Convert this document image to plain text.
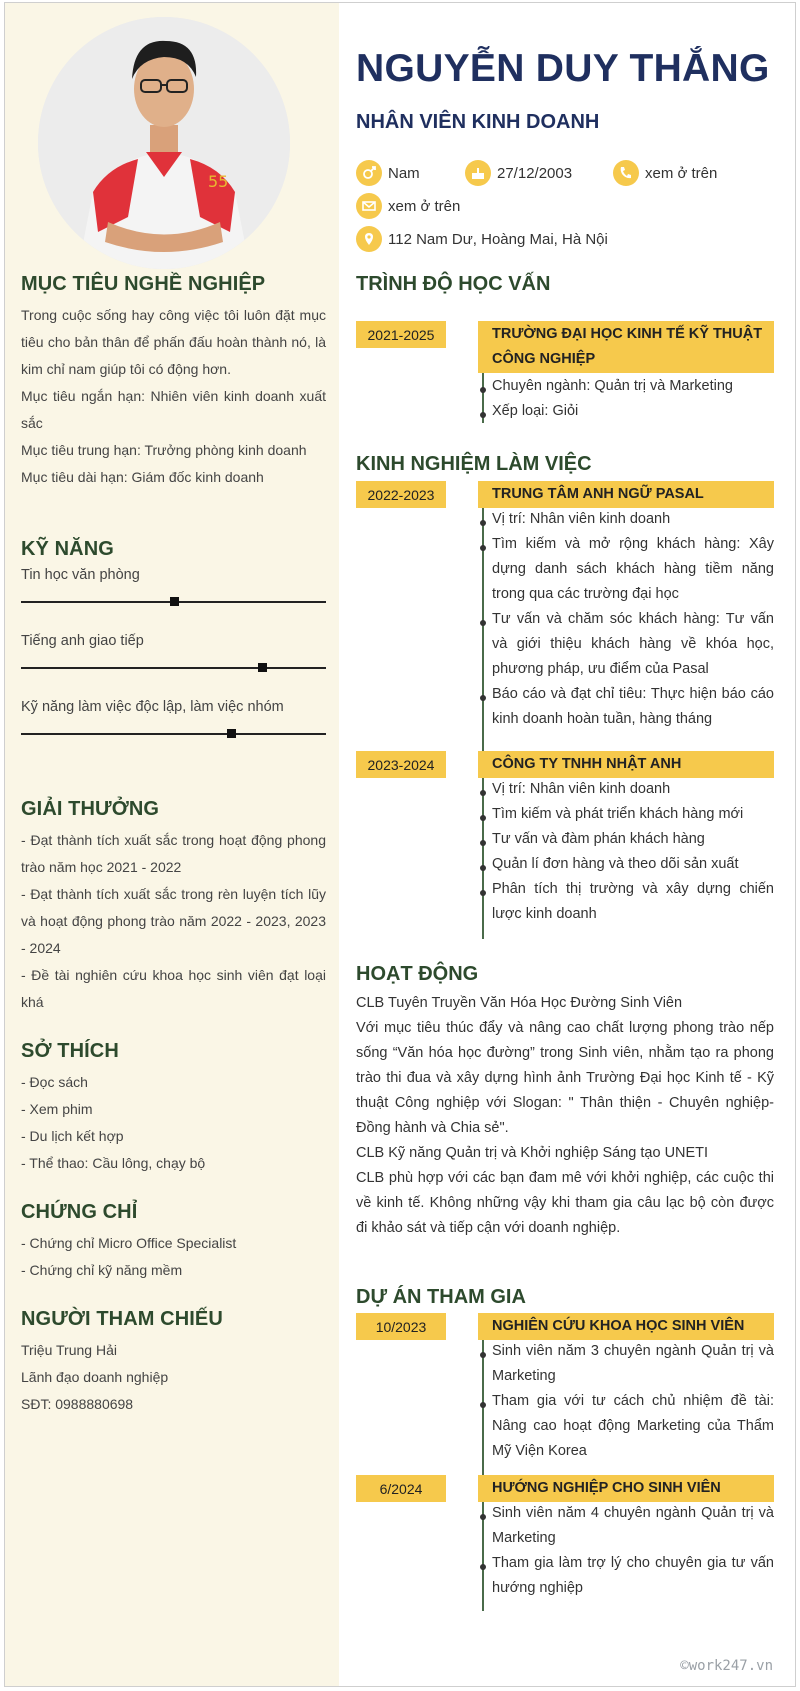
55
MỤC TIÊU NGHỀ NGHIỆP

Trong cuộc sống hay công việc tôi luôn đặt mục tiêu cho bản thân để phấn đấu hoàn thành nó, là kim chỉ nam giúp tôi có động hơn.

Mục tiêu ngắn hạn: Nhiên viên kinh doanh xuất sắc

Mục tiêu trung hạn: Trưởng phòng kinh doanh

Mục tiêu dài hạn: Giám đốc kinh doanh

KỸ NĂNG
Tin học văn phòng
Tiếng anh giao tiếp
Kỹ năng làm việc độc lập, làm việc nhóm
GIẢI THƯỞNG

- Đạt thành tích xuất sắc trong hoạt động phong trào năm học 2021 - 2022

- Đạt thành tích xuất sắc trong rèn luyện tích lũy và hoạt động phong trào năm 2022 - 2023, 2023 - 2024

- Đề tài nghiên cứu khoa học sinh viên đạt loại khá

SỞ THÍCH

- Đọc sách

- Xem phim

- Du lịch kết hợp

- Thể thao: Cầu lông, chạy bộ

CHỨNG CHỈ

- Chứng chỉ Micro Office Specialist

- Chứng chỉ kỹ năng mềm

NGƯỜI THAM CHIẾU

Triệu Trung Hải

Lãnh đạo doanh nghiệp

SĐT: 0988880698

NGUYỄN DUY THẮNG
NHÂN VIÊN KINH DOANH
Nam	27/12/2003	xem ở trên
xem ở trên
112 Nam Dư, Hoàng Mai, Hà Nội
TRÌNH ĐỘ HỌC VẤN
2021-2025	TRƯỜNG ĐẠI HỌC KINH TẾ KỸ THUẬT CÔNG NGHIỆP
Chuyên ngành: Quản trị và Marketing
Xếp loại: Giỏi
KINH NGHIỆM LÀM VIỆC
2022-2023	TRUNG TÂM ANH NGỮ PASAL
Vị trí: Nhân viên kinh doanh
Tìm kiếm và mở rộng khách hàng: Xây dựng danh sách khách hàng tiềm năng trong qua các trường đại học
Tư vấn và chăm sóc khách hàng: Tư vấn và giới thiệu khách hàng về khóa học, phương pháp, ưu điểm của Pasal
Báo cáo và đạt chỉ tiêu: Thực hiện báo cáo kinh doanh hoàn tuần, hàng tháng
2023-2024	CÔNG TY TNHH NHẬT ANH
Vị trí: Nhân viên kinh doanh
Tìm kiếm và phát triển khách hàng mới
Tư vấn và đàm phán khách hàng
Quản lí đơn hàng và theo dõi sản xuất
Phân tích thị trường và xây dựng chiến lược kinh doanh
HOẠT ĐỘNG

CLB Tuyên Truyền Văn Hóa Học Đường Sinh Viên

Với mục tiêu thúc đẩy và nâng cao chất lượng phong trào nếp sống “Văn hóa học đường” trong Sinh viên, nhằm tạo ra phong trào thi đua và xây dựng hình ảnh Trường Đại học Kinh tế - Kỹ thuật Công nghiệp với Slogan: " Thân thiện - Chuyên nghiệp- Đồng hành và Chia sẻ".

CLB Kỹ năng Quản trị và Khởi nghiệp Sáng tạo UNETI

CLB phù hợp với các bạn đam mê với khởi nghiệp, các cuộc thi về kinh tế. Không những vậy khi tham gia câu lạc bộ còn được đi khảo sát và tiếp cận với doanh nghiệp.

DỰ ÁN THAM GIA
10/2023	NGHIÊN CỨU KHOA HỌC SINH VIÊN
Sinh viên năm 3 chuyên ngành Quản trị và Marketing
Tham gia với tư cách chủ nhiệm đề tài: Nâng cao hoạt động Marketing của Thẩm Mỹ Viện Korea
6/2024	HƯỚNG NGHIỆP CHO SINH VIÊN
Sinh viên năm 4 chuyên ngành Quản trị và Marketing
Tham gia làm trợ lý cho chuyên gia tư vấn hướng nghiệp
©work247.vn
